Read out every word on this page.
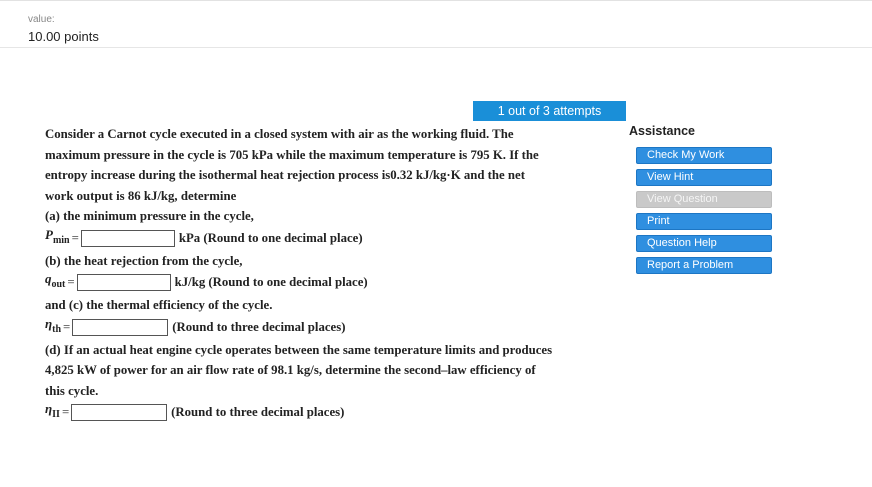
value:
10.00 points
1 out of 3 attempts

Consider a Carnot cycle executed in a closed system with air as the working fluid. The

maximum pressure in the cycle is 705 kPa while the maximum temperature is 795 K. If the

entropy increase during the isothermal heat rejection process is0.32 kJ/kg·K and the net

work output is 86 kJ/kg, determine

(a) the minimum pressure in the cycle,

$P_{min}$ =	kPa (Round to one decimal place)

(b) the heat rejection from the cycle,

$q_{out}$ =	kJ/kg (Round to one decimal place)

and (c) the thermal efficiency of the cycle.

$\eta_{th}$ =	(Round to three decimal places)

(d) If an actual heat engine cycle operates between the same temperature limits and produces

4,825 kW of power for an air flow rate of 98.1 kg/s, determine the second–law efficiency of

this cycle.

$\eta_{II}$ =	(Round to three decimal places)
Assistance
Check My Work
View Hint
View Question
Print
Question Help
Report a Problem
